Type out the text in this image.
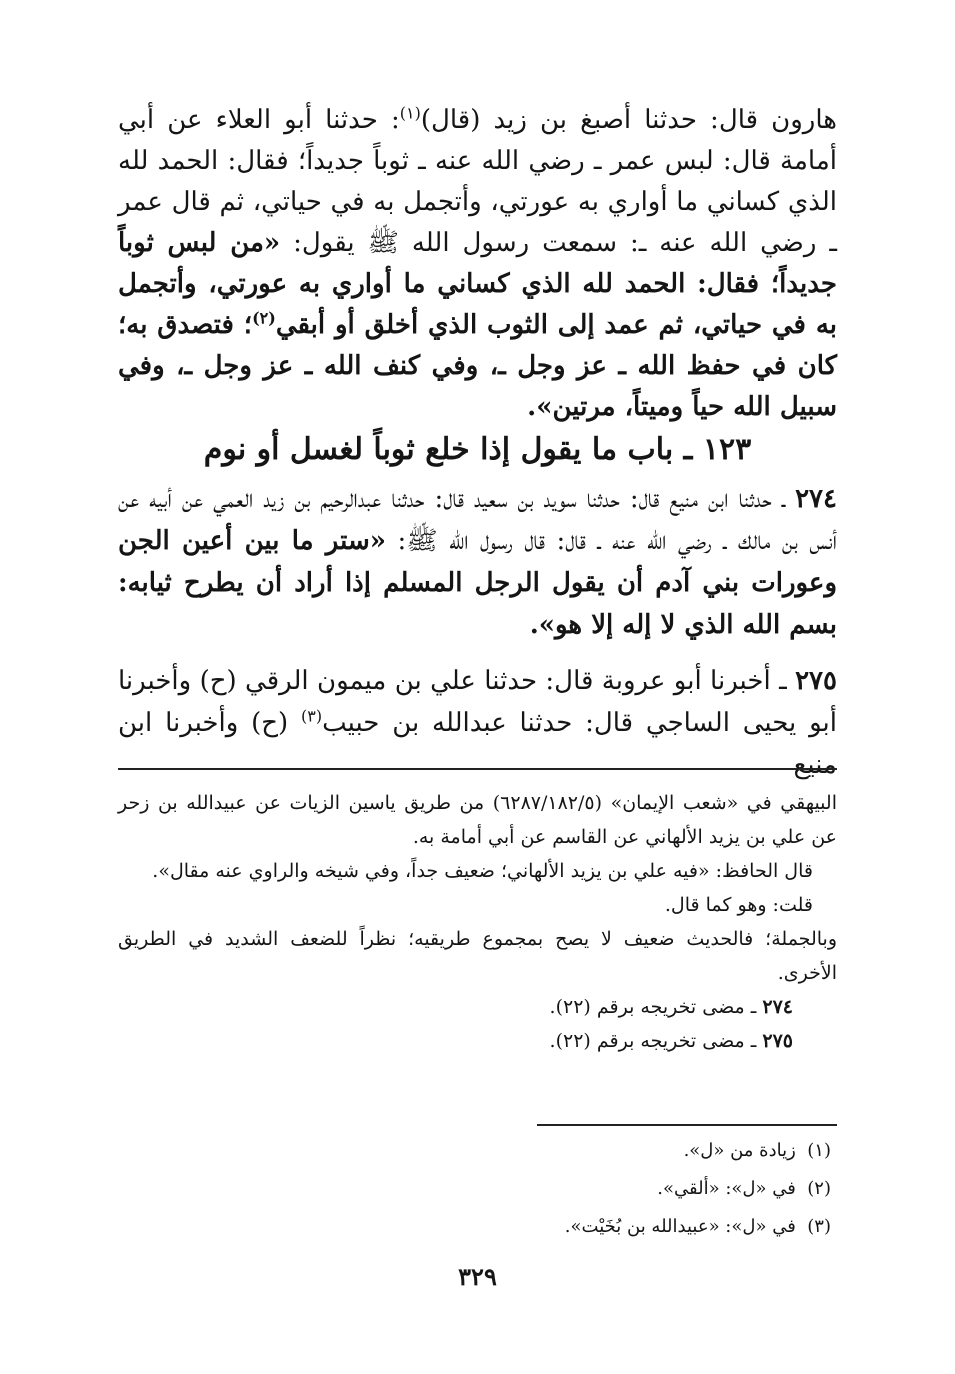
هارون قال: حدثنا أصبغ بن زيد (قال)$^{(١)}$: حدثنا أبو العلاء عن أبي أمامة قال: لبس عمر ـ رضي الله عنه ـ ثوباً جديداً؛ فقال: الحمد لله الذي كساني ما أواري به عورتي، وأتجمل به في حياتي، ثم قال عمر ـ رضي الله عنه ـ: سمعت رسول الله ﷺ يقول: «من لبس ثوباً جديداً؛ فقال: الحمد لله الذي كساني ما أواري به عورتي، وأتجمل به في حياتي، ثم عمد إلى الثوب الذي أخلق أو أبقي$^{(٢)}$؛ فتصدق به؛ كان في حفظ الله ـ عز وجل ـ، وفي كنف الله ـ عز وجل ـ، وفي سبيل الله حياً وميتاً، مرتين».

١٢٣ ـ باب ما يقول إذا خلع ثوباً لغسل أو نوم

٢٧٤ ـ حدثنا ابن منيع قال: حدثنا سويد بن سعيد قال: حدثنا عبدالرحيم بن زيد العمي عن أبيه عن أنس بن مالك ـ رضي الله عنه ـ قال: قال رسول الله ﷺ: «ستر ما بين أعين الجن وعورات بني آدم أن يقول الرجل المسلم إذا أراد أن يطرح ثيابه: بسم الله الذي لا إله إلا هو».

٢٧٥ ـ أخبرنا أبو عروبة قال: حدثنا علي بن ميمون الرقي (ح) وأخبرنا أبو يحيى الساجي قال: حدثنا عبدالله بن حبيب$^{(٣)}$ (ح) وأخبرنا ابن منيع

البيهقي في «شعب الإيمان» (٦٢٨٧/١٨٢/٥) من طريق ياسين الزيات عن عبيدالله بن زحر عن علي بن يزيد الألهاني عن القاسم عن أبي أمامة به.

قال الحافظ: «فيه علي بن يزيد الألهاني؛ ضعيف جداً، وفي شيخه والراوي عنه مقال».

قلت: وهو كما قال.

وبالجملة؛ فالحديث ضعيف لا يصح بمجموع طريقيه؛ نظراً للضعف الشديد في الطريق الأخرى.

٢٧٤ ـ مضى تخريجه برقم (٢٢).

٢٧٥ ـ مضى تخريجه برقم (٢٢).

(١)  زيادة من «ل».

(٢)  في «ل»: «ألقي».

(٣)  في «ل»: «عبيدالله بن بُخَيْت».

٣٢٩
